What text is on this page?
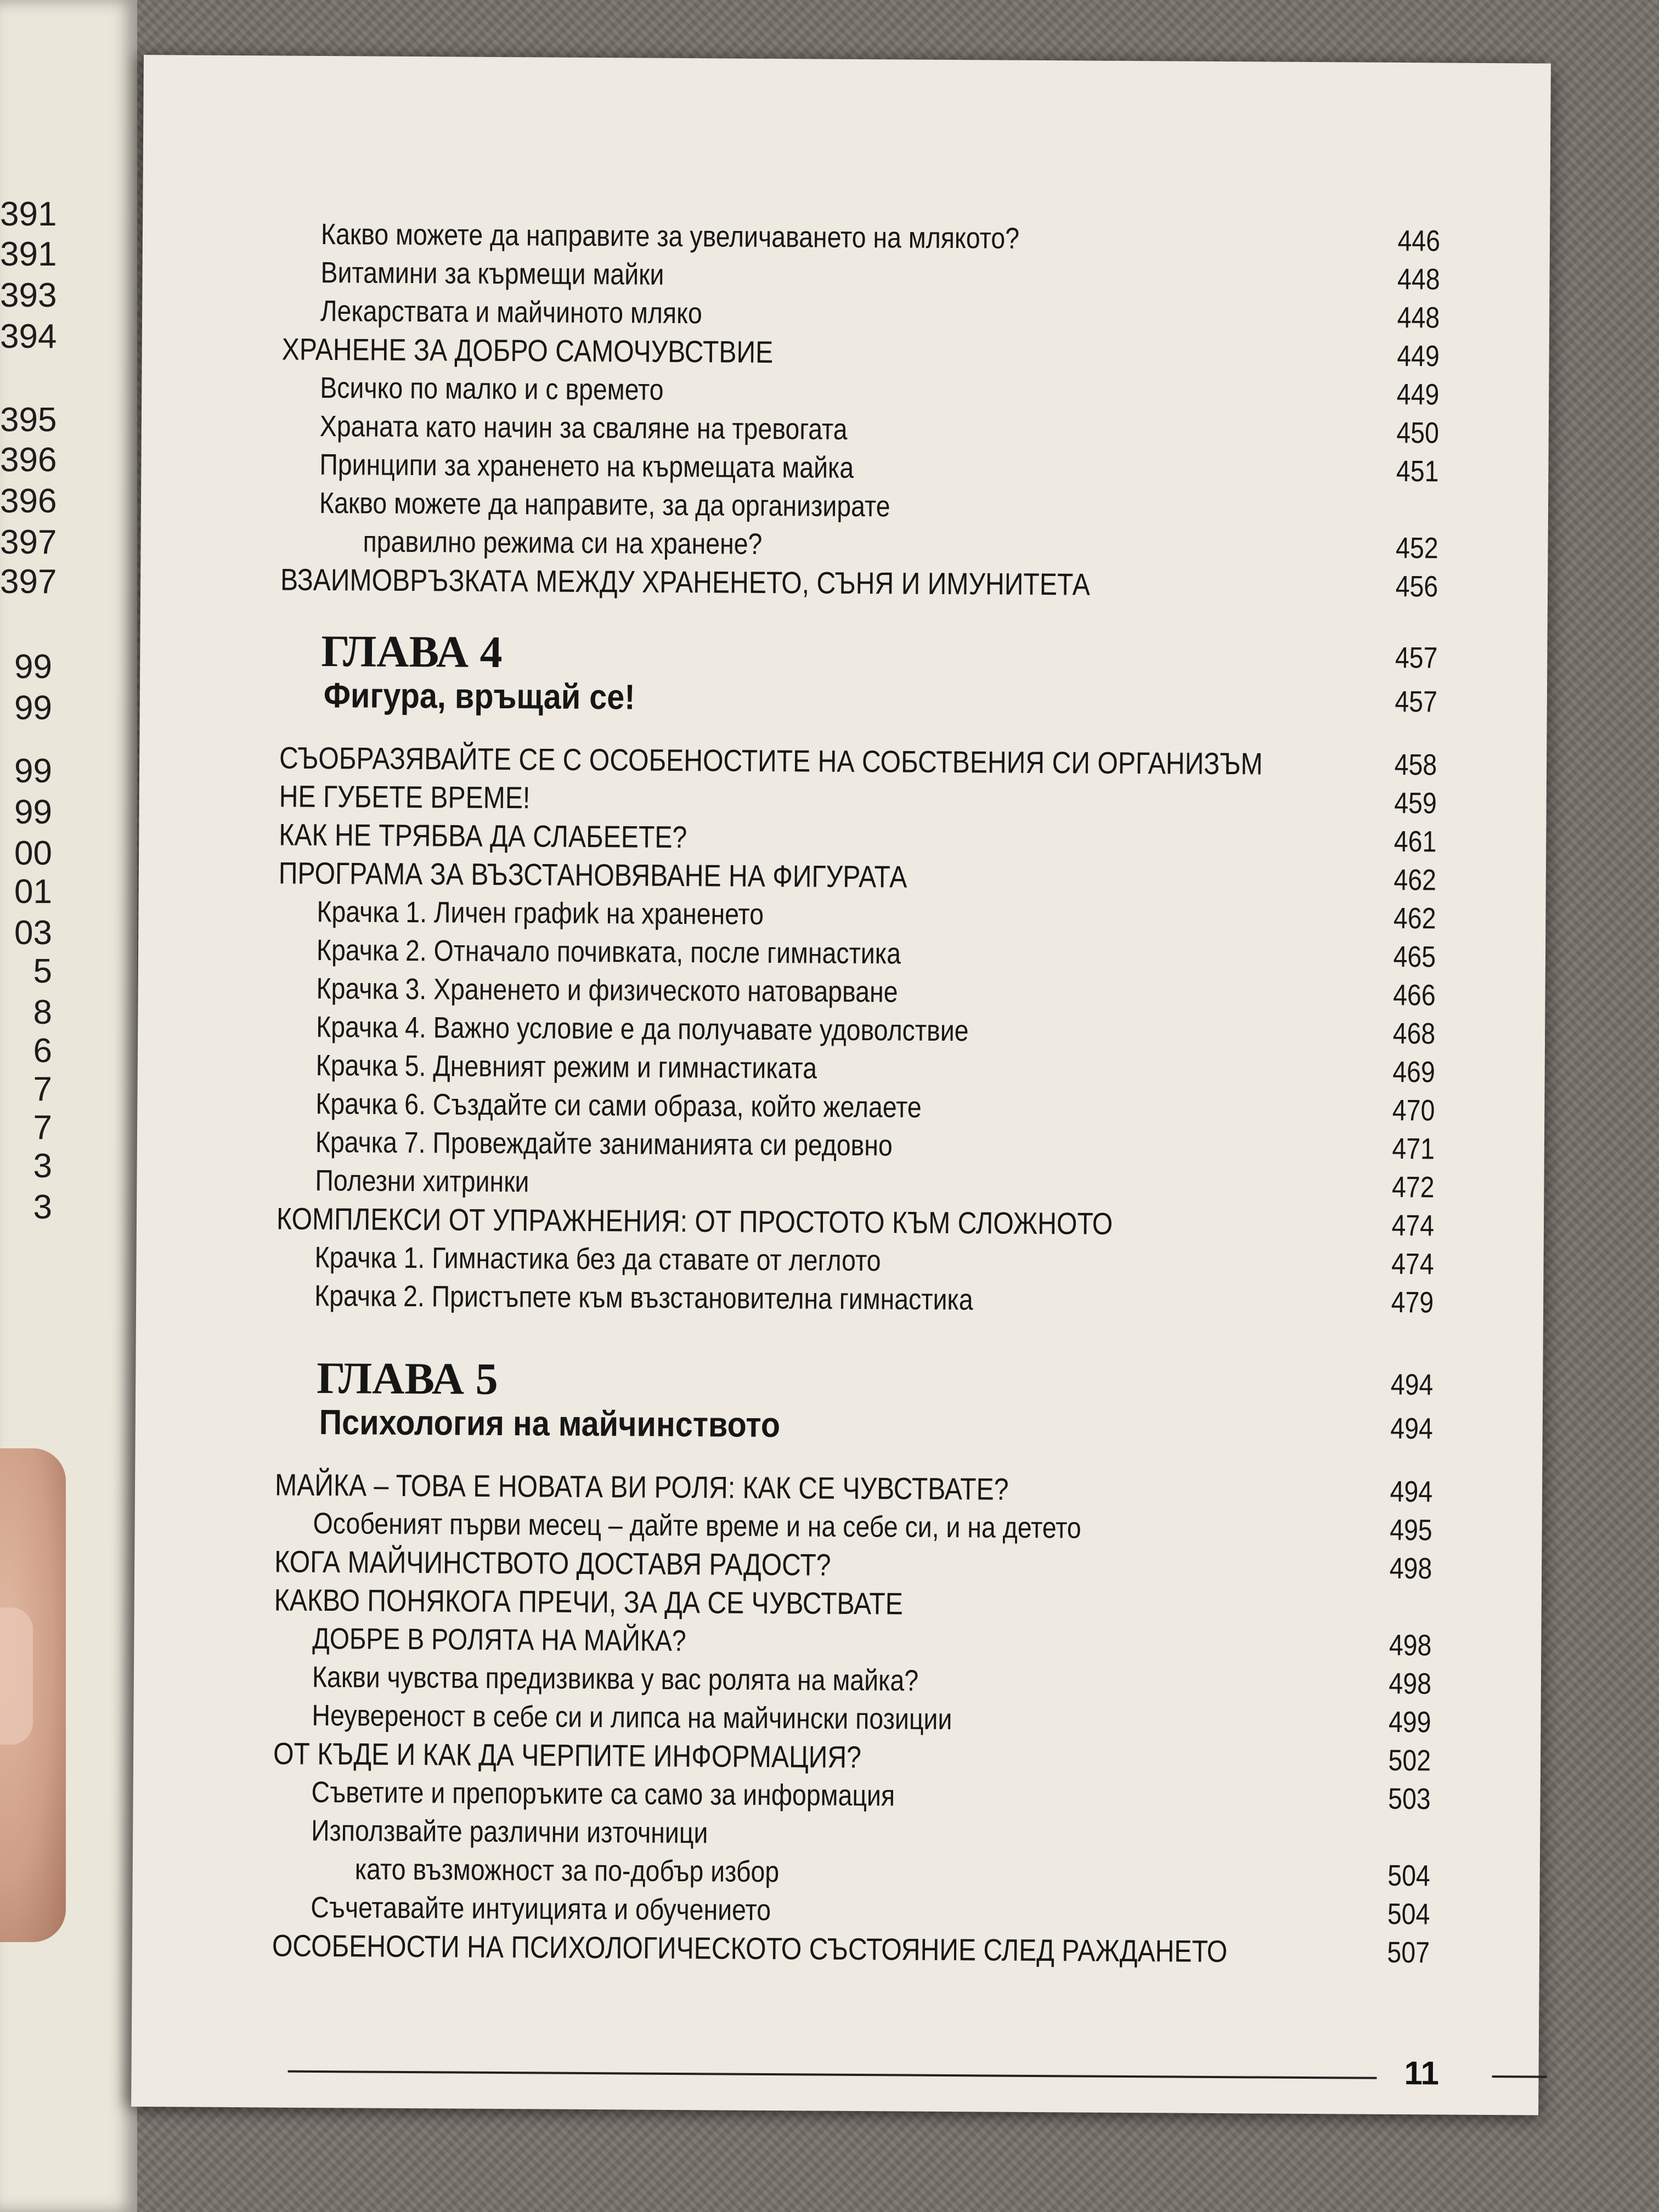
391
391
393
394
395
396
396
397
397
99
99
99
99
00
01
03
5
8
6
7
7
3
3
Какво можете да направите за увеличаването на млякото?	446
Витамини за кърмещи майки	448
Лекарствата и майчиното мляко	448
ХРАНЕНЕ ЗА ДОБРО САМОЧУВСТВИЕ	449
Всичко по малко и с времето	449
Храната като начин за сваляне на тревогата	450
Принципи за храненето на кърмещата майка	451
Какво можете да направите, за да организирате
правилно режима си на хранене?	452
ВЗАИМОВРЪЗКАТА МЕЖДУ ХРАНЕНЕТО, СЪНЯ И ИМУНИТЕТА	456
ГЛАВА 4	457
Фигура, връщай се!	457
СЪОБРАЗЯВАЙТЕ СЕ С ОСОБЕНОСТИТЕ НА СОБСТВЕНИЯ СИ ОРГАНИЗЪМ	458
НЕ ГУБЕТЕ ВРЕМЕ!	459
КАК НЕ ТРЯБВА ДА СЛАБЕЕТЕ?	461
ПРОГРАМА ЗА ВЪЗСТАНОВЯВАНЕ НА ФИГУРАТА	462
Крачка 1. Личен графиk на храненето	462
Крачка 2. Отначало почивката, после гимнастика	465
Крачка 3. Храненето и физическото натоварване	466
Крачка 4. Важно условие е да получавате удоволствие	468
Крачка 5. Дневният режим и гимнастиката	469
Крачка 6. Създайте си сами образа, който желаете	470
Крачка 7. Провеждайте заниманията си редовно	471
Полезни хитринки	472
КОМПЛЕКСИ ОТ УПРАЖНЕНИЯ: ОТ ПРОСТОТО КЪМ СЛОЖНОТО	474
Крачка 1. Гимнастика без да ставате от леглото	474
Крачка 2. Пристъпете към възстановителна гимнастика	479
ГЛАВА 5	494
Психология на майчинството	494
МАЙКА – ТОВА Е НОВАТА ВИ РОЛЯ: КАК СЕ ЧУВСТВАТЕ?	494
Особеният първи месец – дайте време и на себе си, и на детето	495
КОГА МАЙЧИНСТВОТО ДОСТАВЯ РАДОСТ?	498
КАКВО ПОНЯКОГА ПРЕЧИ, ЗА ДА СЕ ЧУВСТВАТЕ
ДОБРЕ В РОЛЯТА НА МАЙКА?	498
Какви чувства предизвиква у вас ролята на майка?	498
Неувереност в себе си и липса на майчински позиции	499
ОТ КЪДЕ И КАК ДА ЧЕРПИТЕ ИНФОРМАЦИЯ?	502
Съветите и препоръките са само за информация	503
Използвайте различни източници
като възможност за по-добър избор	504
Съчетавайте интуицията и обучението	504
ОСОБЕНОСТИ НА ПСИХОЛОГИЧЕСКОТО СЪСТОЯНИЕ СЛЕД РАЖДАНЕТО	507
11
